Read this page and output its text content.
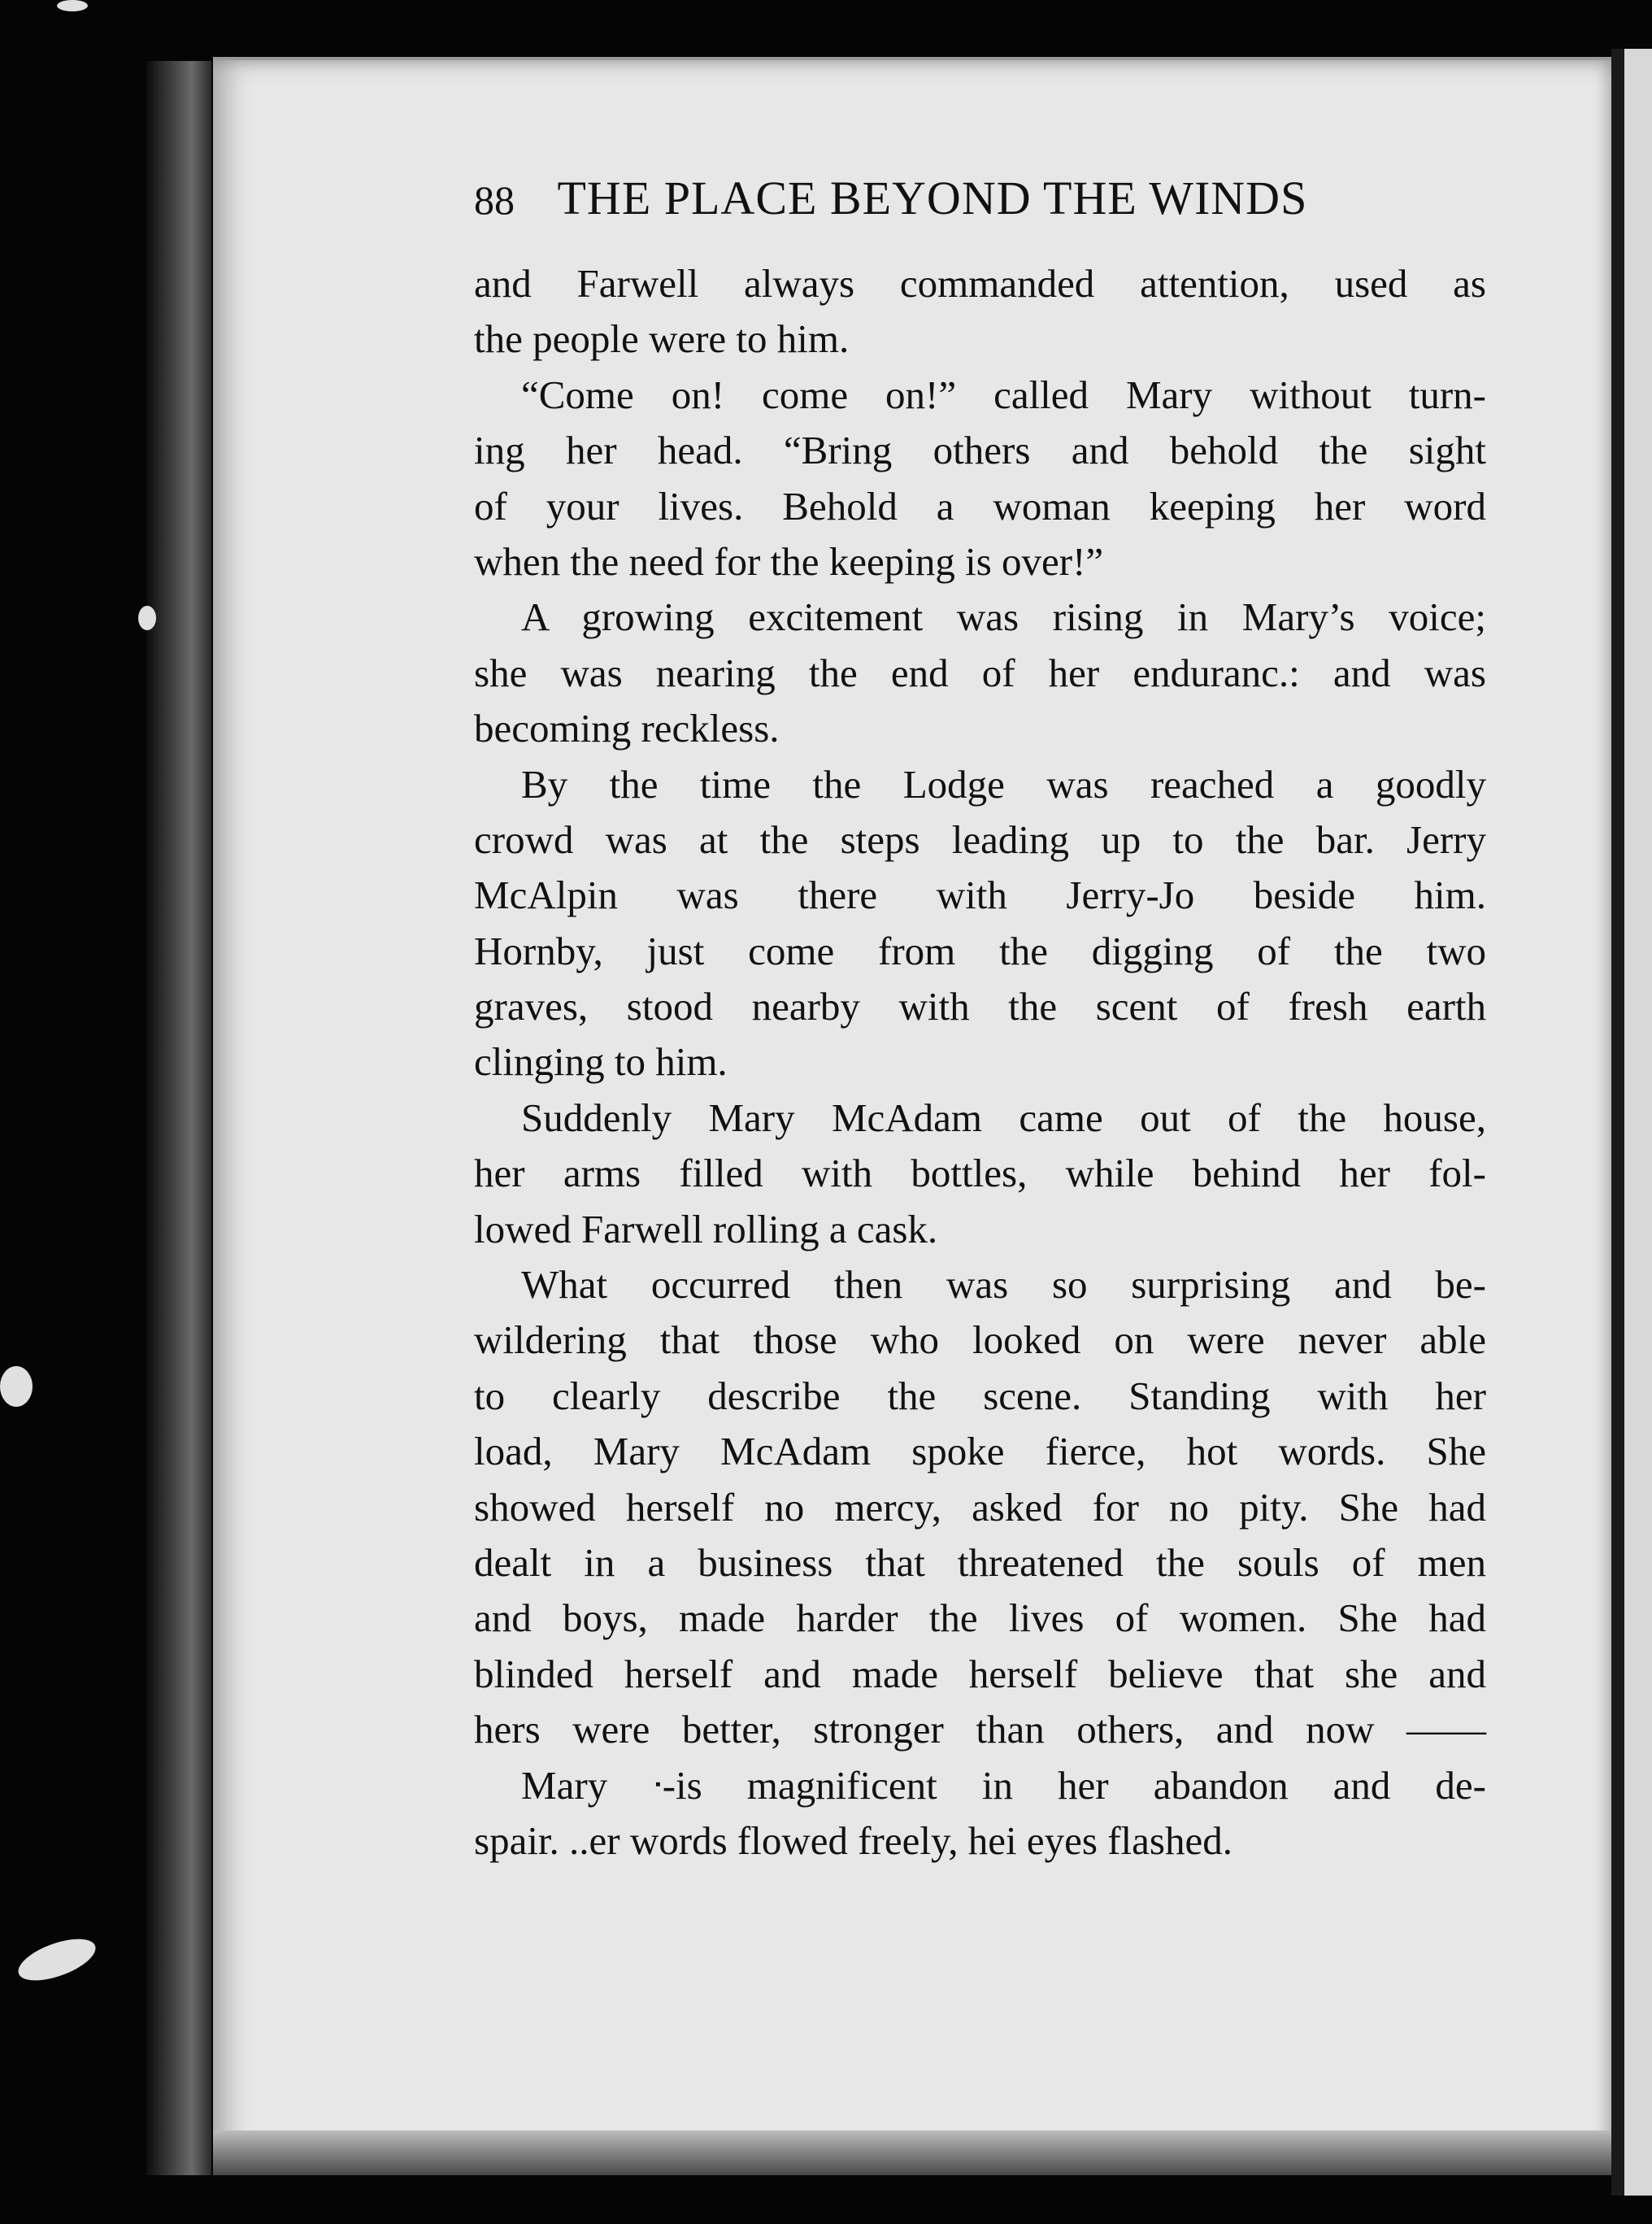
88 THE PLACE BEYOND THE WINDS
and Farwell always commanded attention, used as
the people were to him.
“Come on! come on!” called Mary without turn-
ing her head. “Bring others and behold the sight
of your lives. Behold a woman keeping her word
when the need for the keeping is over!”
A growing excitement was rising in Mary’s voice;
she was nearing the end of her enduranc.: and was
becoming reckless.
By the time the Lodge was reached a goodly
crowd was at the steps leading up to the bar. Jerry
McAlpin was there with Jerry-Jo beside him.
Hornby, just come from the digging of the two
graves, stood nearby with the scent of fresh earth
clinging to him.
Suddenly Mary McAdam came out of the house,
her arms filled with bottles, while behind her fol-
lowed Farwell rolling a cask.
What occurred then was so surprising and be-
wildering that those who looked on were never able
to clearly describe the scene. Standing with her
load, Mary McAdam spoke fierce, hot words. She
showed herself no mercy, asked for no pity. She had
dealt in a business that threatened the souls of men
and boys, made harder the lives of women. She had
blinded herself and made herself believe that she and
hers were better, stronger than others, and now ——
Mary ᐧ-is magnificent in her abandon and de-
spair. ..er words flowed freely, hei eyes flashed.
